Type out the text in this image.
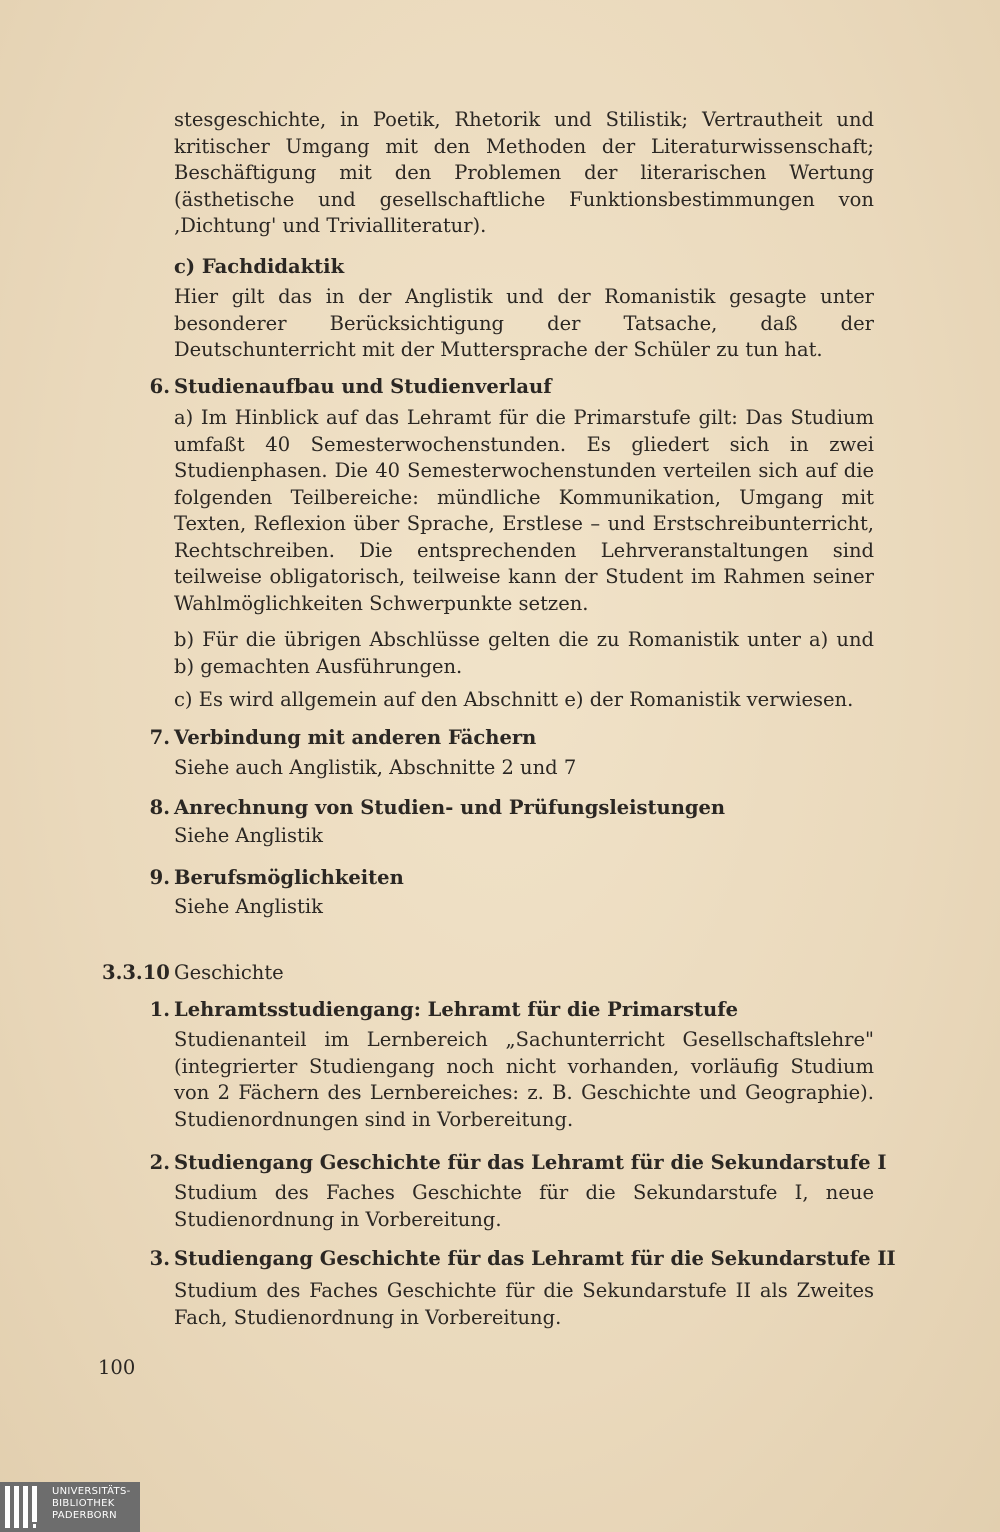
stesgeschichte, in Poetik, Rhetorik und Stilistik; Vertrautheit und kritischer Umgang mit den Methoden der Literaturwissenschaft; Beschäftigung mit den Problemen der literarischen Wertung (ästhetische und gesellschaftliche Funktionsbestimmungen von ‚Dichtung' und Trivialliteratur).

c) Fachdidaktik

Hier gilt das in der Anglistik und der Romanistik gesagte unter besonderer Berücksichtigung der Tatsache, daß der Deutschunterricht mit der Muttersprache der Schüler zu tun hat.

6. Studienaufbau und Studienverlauf

a) Im Hinblick auf das Lehramt für die Primarstufe gilt: Das Studium umfaßt 40 Semesterwochenstunden. Es gliedert sich in zwei Studienphasen. Die 40 Semesterwochenstunden verteilen sich auf die folgenden Teilbereiche: mündliche Kommunikation, Umgang mit Texten, Reflexion über Sprache, Erstlese – und Erstschreibunterricht, Rechtschreiben. Die entsprechenden Lehrveranstaltungen sind teilweise obligatorisch, teilweise kann der Student im Rahmen seiner Wahlmöglichkeiten Schwerpunkte setzen.

b) Für die übrigen Abschlüsse gelten die zu Romanistik unter a) und b) gemachten Ausführungen.

c) Es wird allgemein auf den Abschnitt e) der Romanistik verwiesen.

7. Verbindung mit anderen Fächern

Siehe auch Anglistik, Abschnitte 2 und 7

8. Anrechnung von Studien- und Prüfungsleistungen

Siehe Anglistik

9. Berufsmöglichkeiten

Siehe Anglistik

3.3.10 Geschichte
1. Lehramtsstudiengang: Lehramt für die Primarstufe

Studienanteil im Lernbereich „Sachunterricht Gesellschaftslehre" (integrierter Studiengang noch nicht vorhanden, vorläufig Studium von 2 Fächern des Lernbereiches: z. B. Geschichte und Geographie). Studienordnungen sind in Vorbereitung.

2. Studiengang Geschichte für das Lehramt für die Sekundarstufe I

Studium des Faches Geschichte für die Sekundarstufe I, neue Studienordnung in Vorbereitung.

3. Studiengang Geschichte für das Lehramt für die Sekundarstufe II

Studium des Faches Geschichte für die Sekundarstufe II als Zweites Fach, Studienordnung in Vorbereitung.

100
UNIVERSITÄTS-
BIBLIOTHEK
PADERBORN
